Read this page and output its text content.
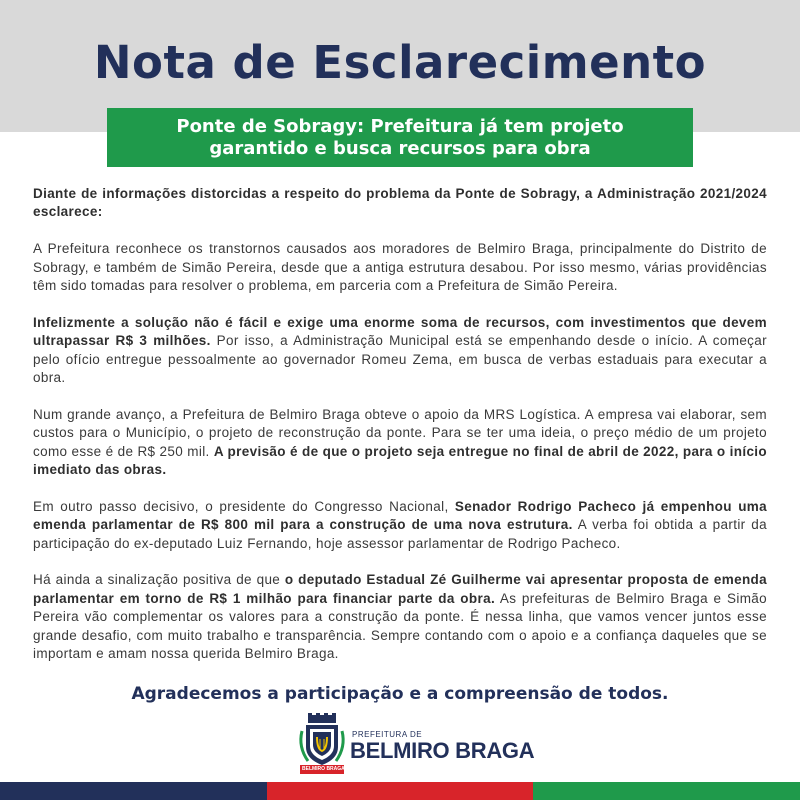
Nota de Esclarecimento
Ponte de Sobragy: Prefeitura já tem projeto
garantido e busca recursos para obra

Diante de informações distorcidas a respeito do problema da Ponte de Sobragy, a Administração 2021/2024 esclarece:

A Prefeitura reconhece os transtornos causados aos moradores de Belmiro Braga, principalmente do Distrito de Sobragy, e também de Simão Pereira, desde que a antiga estrutura desabou. Por isso mesmo, várias providências têm sido tomadas para resolver o problema, em parceria com a Prefeitura de Simão Pereira.

Infelizmente a solução não é fácil e exige uma enorme soma de recursos, com investimentos que devem ultrapassar R$ 3 milhões. Por isso, a Administração Municipal está se empenhando desde o início. A começar pelo ofício entregue pessoalmente ao governador Romeu Zema, em busca de verbas estaduais para executar a obra.

Num grande avanço, a Prefeitura de Belmiro Braga obteve o apoio da MRS Logística. A empresa vai elaborar, sem custos para o Município, o projeto de reconstrução da ponte. Para se ter uma ideia, o preço médio de um projeto como esse é de R$ 250 mil. A previsão é de que o projeto seja entregue no final de abril de 2022, para o início imediato das obras.

Em outro passo decisivo, o presidente do Congresso Nacional, Senador Rodrigo Pacheco já empenhou uma emenda parlamentar de R$ 800 mil para a construção de uma nova estrutura. A verba foi obtida a partir da participação do ex-deputado Luiz Fernando, hoje assessor parlamentar de Rodrigo Pacheco.

Há ainda a sinalização positiva de que o deputado Estadual Zé Guilherme vai apresentar proposta de emenda parlamentar em torno de R$ 1 milhão para financiar parte da obra. As prefeituras de Belmiro Braga e Simão Pereira vão complementar os valores para a construção da ponte. É nessa linha, que vamos vencer juntos esse grande desafio, com muito trabalho e transparência. Sempre contando com o apoio e a confiança daqueles que se importam e amam nossa querida Belmiro Braga.

Agradecemos a participação e a compreensão de todos.
BELMIRO BRAGA
PREFEITURA DE
BELMIRO BRAGA
